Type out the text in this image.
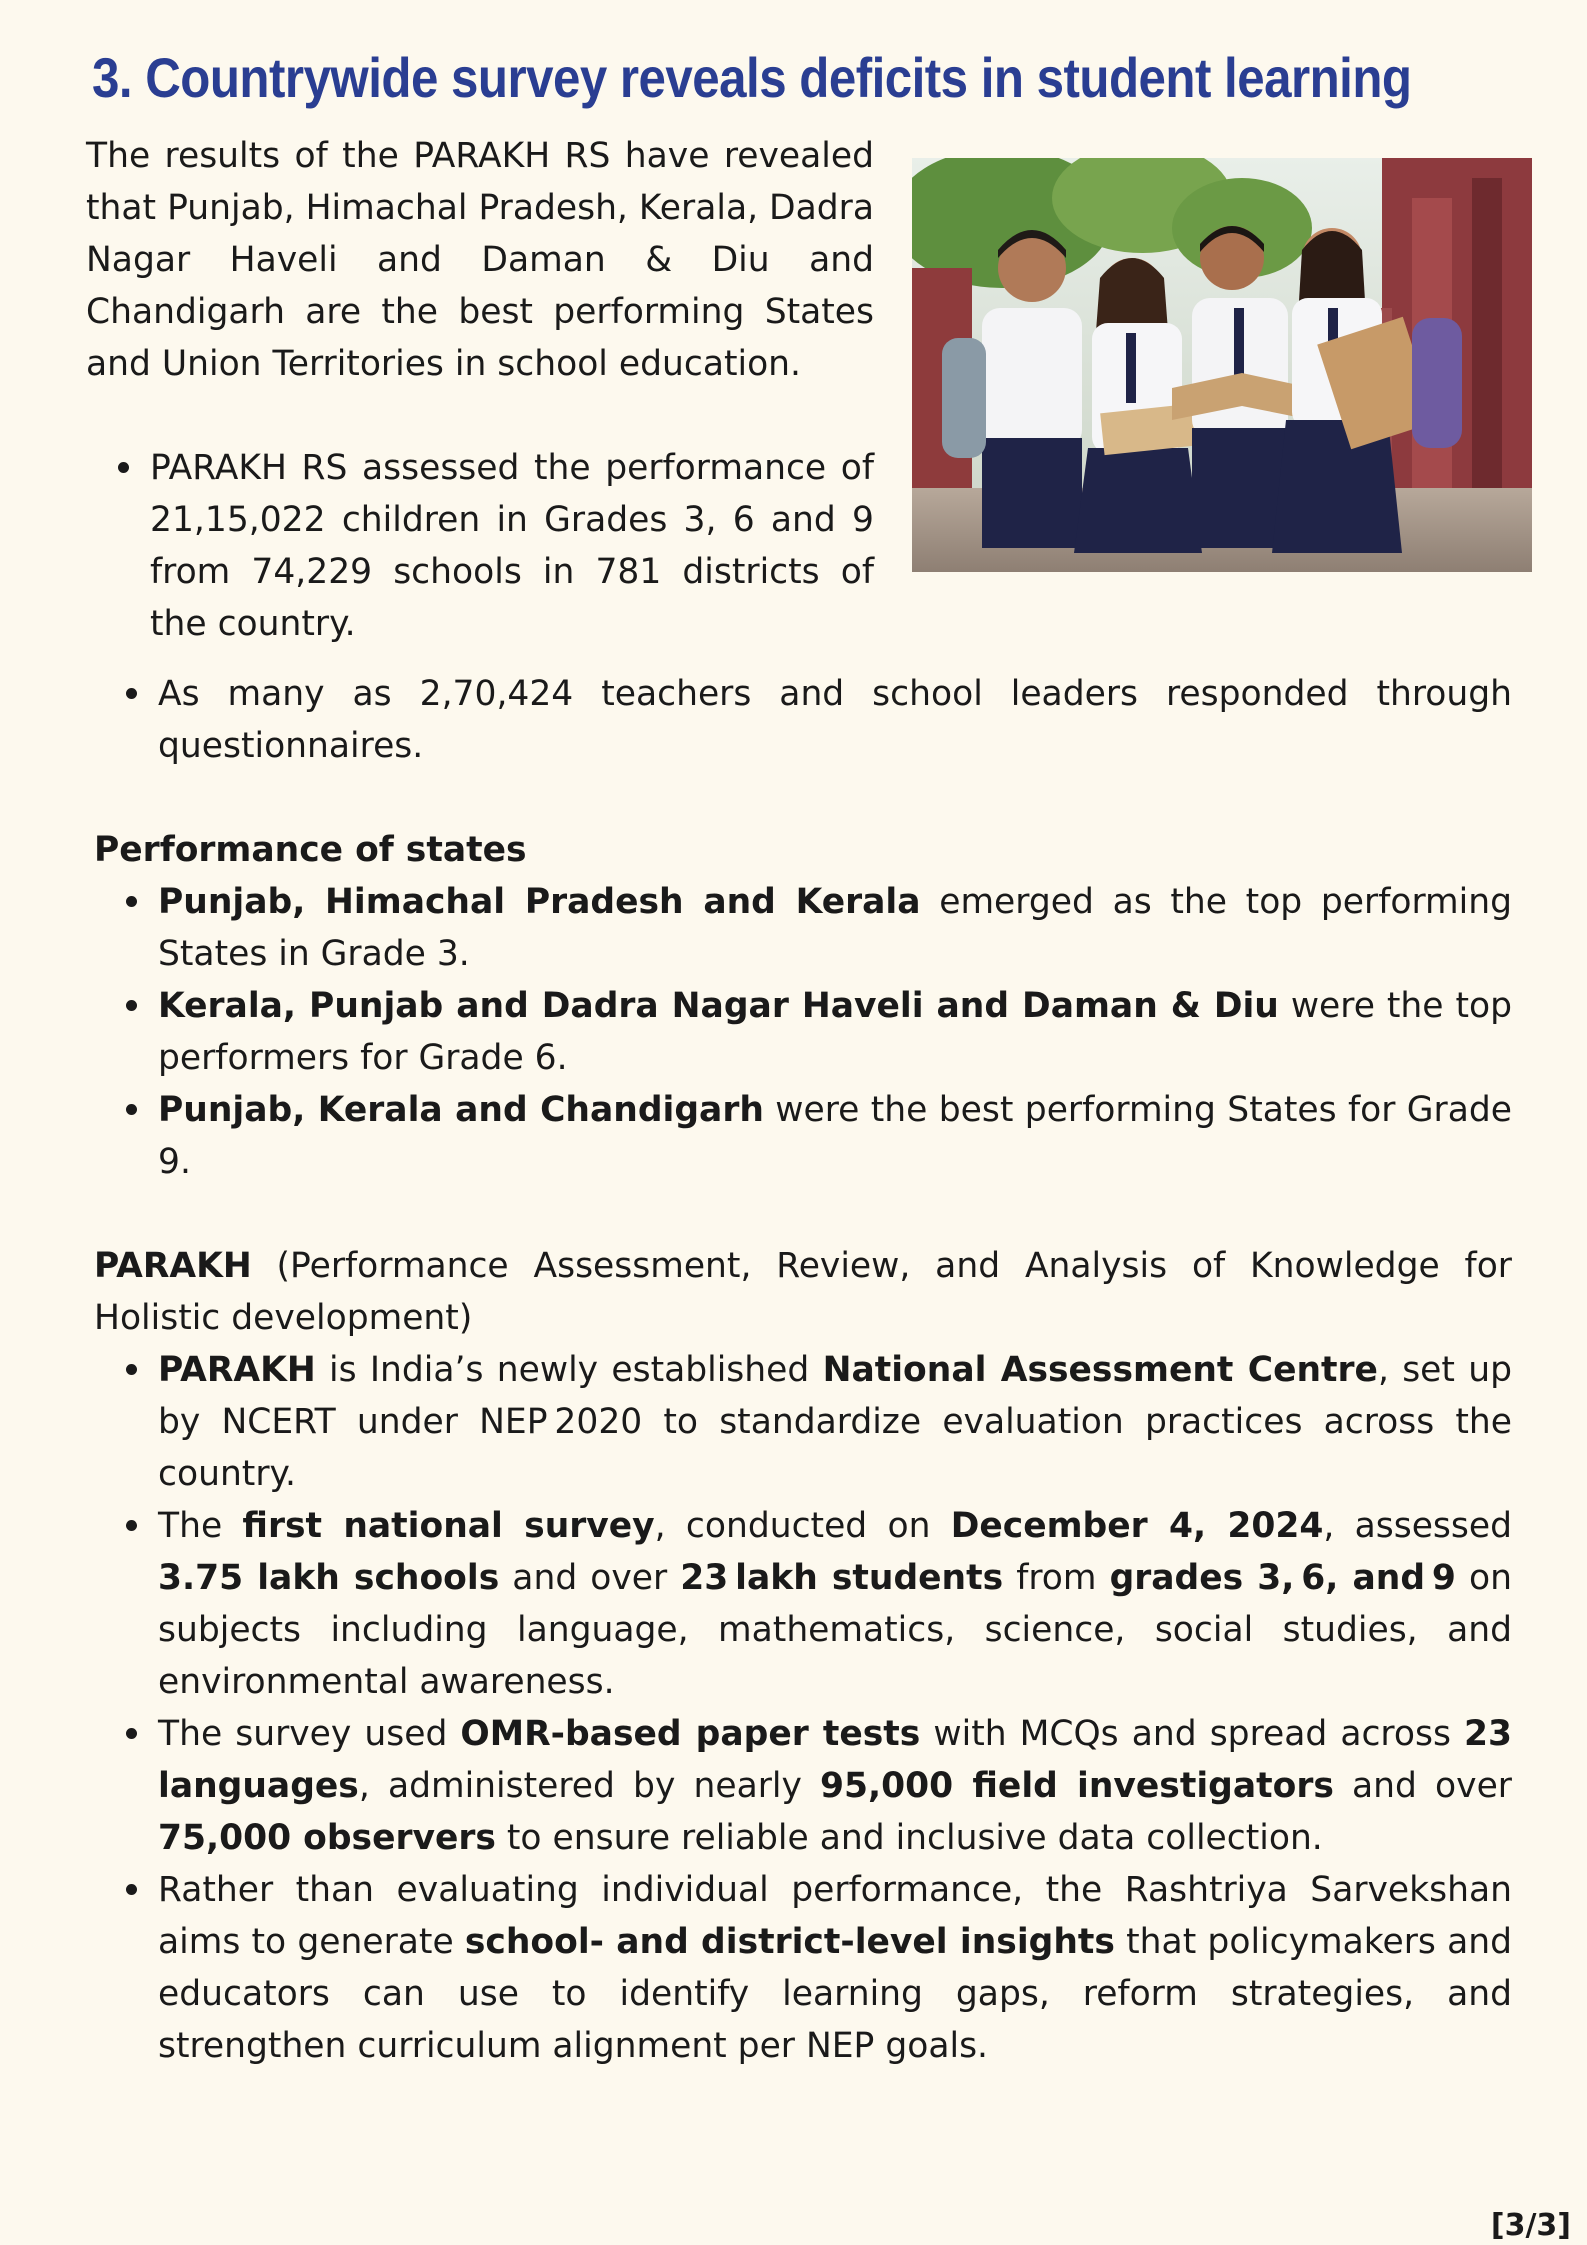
3. Countrywide survey reveals deficits in student learning

The results of the PARAKH RS have revealed that Punjab, Himachal Pradesh, Kerala, Dadra Nagar Haveli and Daman & Diu and Chandigarh are the best performing States and Union Territories in school education.

PARAKH RS assessed the performance of 21,15,022 children in Grades 3, 6 and 9 from 74,229 schools in 781 districts of the country.
As many as 2,70,424 teachers and school leaders responded through questionnaires.
Performance of states
Punjab, Himachal Pradesh and Kerala emerged as the top performing States in Grade 3.
Kerala, Punjab and Dadra Nagar Haveli and Daman & Diu were the top performers for Grade 6.
Punjab, Kerala and Chandigarh were the best performing States for Grade 9.

PARAKH (Performance Assessment, Review, and Analysis of Knowledge for Holistic development)

PARAKH is India’s newly established National Assessment Centre, set up by NCERT under NEP 2020 to standardize evaluation practices across the country.
The first national survey, conducted on December 4, 2024, assessed 3.75 lakh schools and over 23 lakh students from grades 3, 6, and 9 on subjects including language, mathematics, science, social studies, and environmental awareness.
The survey used OMR-based paper tests with MCQs and spread across 23 languages, administered by nearly 95,000 field investigators and over 75,000 observers to ensure reliable and inclusive data collection.
Rather than evaluating individual performance, the Rashtriya Sarvekshan aims to generate school- and district-level insights that policymakers and educators can use to identify learning gaps, reform strategies, and strengthen curriculum alignment per NEP goals.
[3/3]
